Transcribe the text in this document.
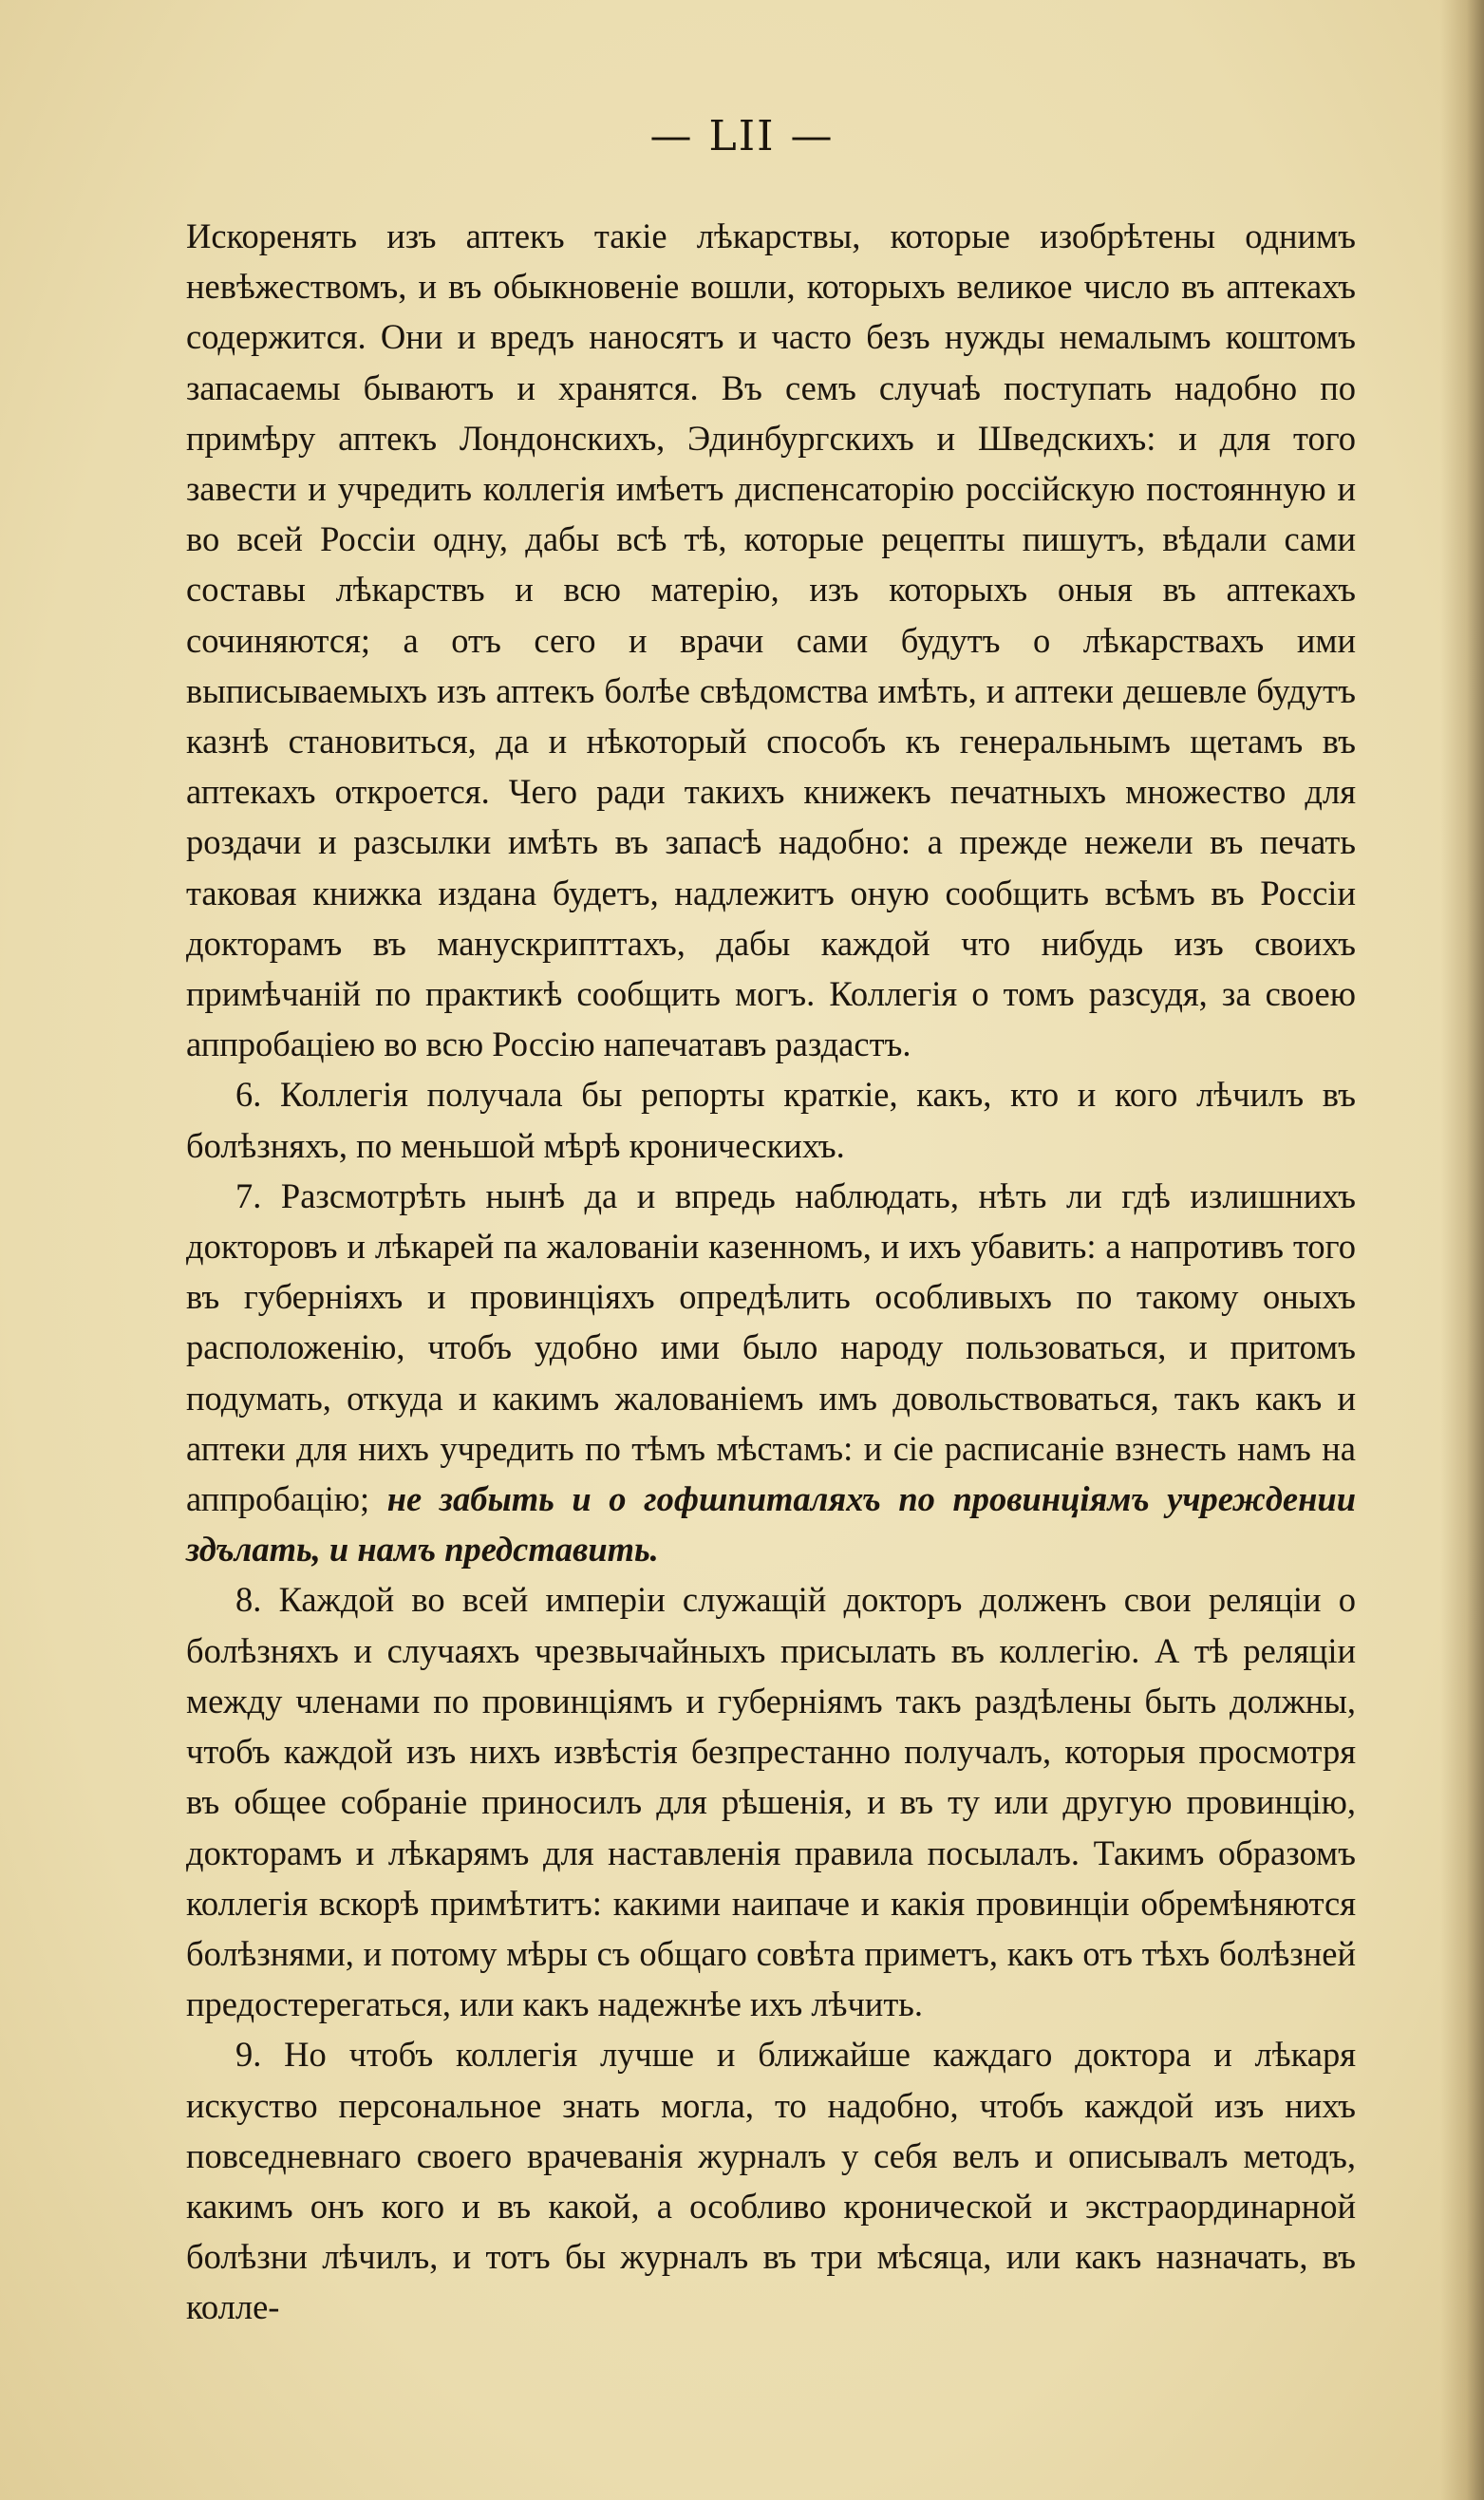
— LII —

Искоренять изъ аптекъ такiе лѣкарствы, которые изобрѣтены однимъ невѣжествомъ, и въ обыкновенiе вошли, которыхъ великое число въ аптекахъ содержится. Они и вредъ наносятъ и часто безъ нужды немалымъ коштомъ запасаемы бываютъ и хранятся. Въ семъ случаѣ поступать надобно по примѣру аптекъ Лондонскихъ, Эдинбургскихъ и Шведскихъ: и для того завести и учредить коллегiя имѣетъ диспенсаторiю россiйскую постоянную и во всей Россiи одну, дабы всѣ тѣ, которые рецепты пишутъ, вѣдали сами составы лѣкарствъ и всю матерiю, изъ которыхъ оныя въ аптекахъ сочиняются; а отъ сего и врачи сами будутъ о лѣкарствахъ ими выписываемыхъ изъ аптекъ болѣе свѣдомства имѣть, и аптеки дешевле будутъ казнѣ становиться, да и нѣкоторый способъ къ генеральнымъ щетамъ въ аптекахъ откроется. Чего ради такихъ книжекъ печатныхъ множество для роздачи и разсылки имѣть въ запасѣ надобно: а прежде нежели въ печать таковая книжка издана будетъ, надлежитъ оную сообщить всѣмъ въ Россiи докторамъ въ манускрипттахъ, дабы каждой что нибудь изъ своихъ примѣчанiй по практикѣ сообщить могъ. Коллегiя о томъ разсудя, за своею аппробацiею во всю Россiю напечатавъ раздастъ.

6. Коллегiя получала бы репорты краткiе, какъ, кто и кого лѣчилъ въ болѣзняхъ, по меньшой мѣрѣ кроническихъ.

7. Разсмотрѣть нынѣ да и впредь наблюдать, нѣть ли гдѣ излишнихъ докторовъ и лѣкарей па жалованiи казенномъ, и ихъ убавить: а напротивъ того въ губернiяхъ и провинцiяхъ опредѣлить особливыхъ по такому оныхъ расположенiю, чтобъ удобно ими было народу пользоваться, и притомъ подумать, откуда и какимъ жалованiемъ имъ довольствоваться, такъ какъ и аптеки для нихъ учредить по тѣмъ мѣстамъ: и сiе расписанiе взнесть намъ на аппробацiю; не забыть и о гофшпиталяхъ по провинцiямъ учреждении здълать, и намъ представить.

8. Каждой во всей имперiи служащiй докторъ долженъ свои реляцiи о болѣзняхъ и случаяхъ чрезвычайныхъ присылать въ коллегiю. А тѣ реляцiи между членами по провинцiямъ и губернiямъ такъ раздѣлены быть должны, чтобъ каждой изъ нихъ извѣстiя безпрестанно получалъ, которыя просмотря въ общее собранiе приносилъ для рѣшенiя, и въ ту или другую провинцiю, докторамъ и лѣкарямъ для наставленiя правила посылалъ. Такимъ образомъ коллегiя вскорѣ примѣтитъ: какими наипаче и какiя провинцiи обремѣняются болѣзнями, и потому мѣры съ общаго совѣта приметъ, какъ отъ тѣхъ болѣзней предостерегаться, или какъ надежнѣе ихъ лѣчить.

9. Но чтобъ коллегiя лучше и ближайше каждаго доктора и лѣкаря искуство персональное знать могла, то надобно, чтобъ каждой изъ нихъ повседневнаго своего врачеванiя журналъ у себя велъ и описывалъ методъ, какимъ онъ кого и въ какой, а особливо кронической и экстраординарной болѣзни лѣчилъ, и тотъ бы журналъ въ три мѣсяца, или какъ назначать, въ колле-
